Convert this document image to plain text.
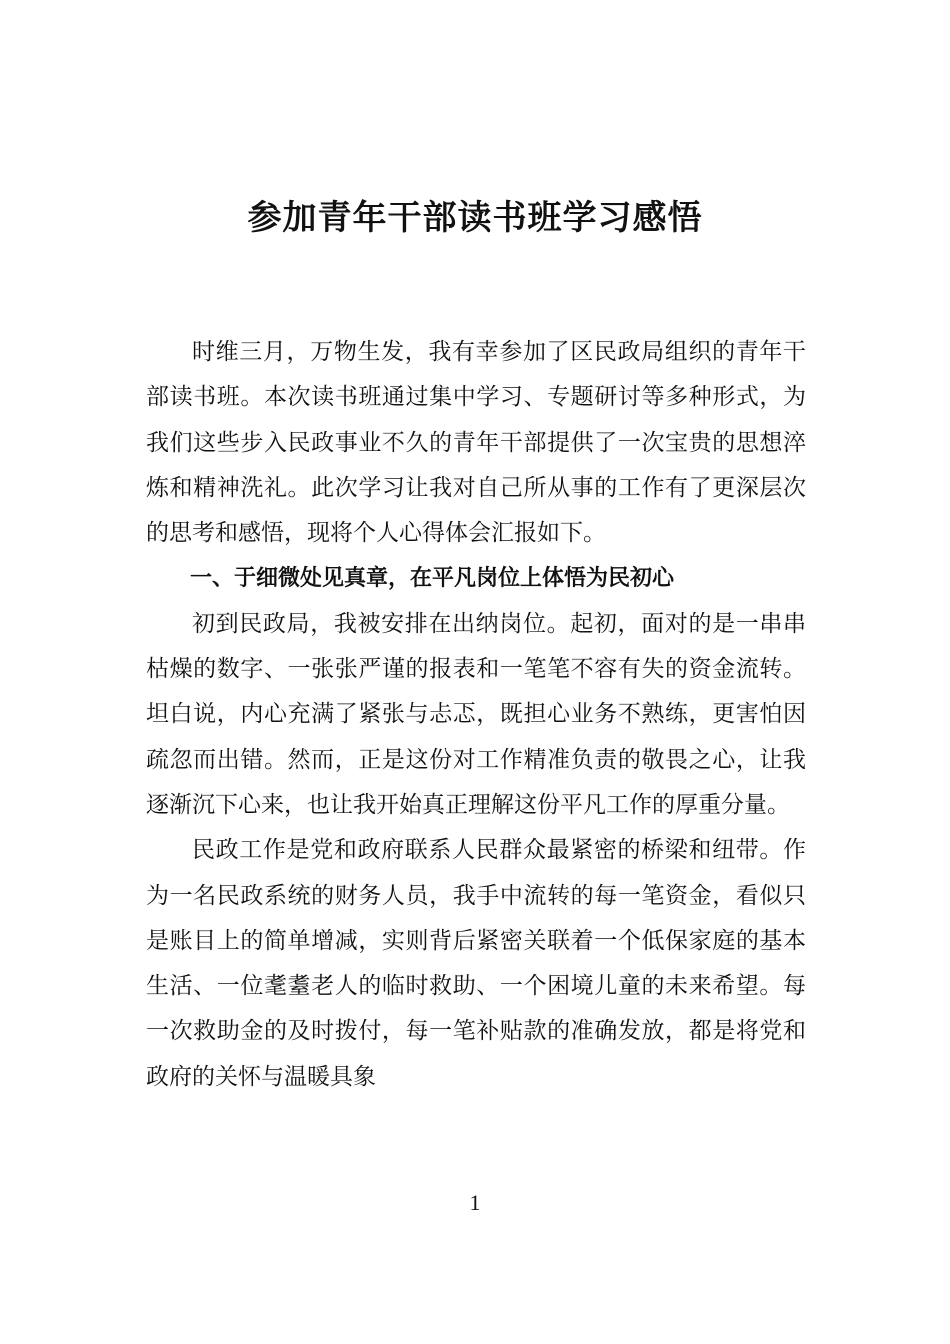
参加青年干部读书班学习感悟

时维三月，万物生发，我有幸参加了区民政局组织的青年干部读书班。本次读书班通过集中学习、专题研讨等多种形式，为我们这些步入民政事业不久的青年干部提供了一次宝贵的思想淬炼和精神洗礼。此次学习让我对自己所从事的工作有了更深层次的思考和感悟，现将个人心得体会汇报如下。

一、于细微处见真章，在平凡岗位上体悟为民初心

初到民政局，我被安排在出纳岗位。起初，面对的是一串串枯燥的数字、一张张严谨的报表和一笔笔不容有失的资金流转。坦白说，内心充满了紧张与忐忑，既担心业务不熟练，更害怕因疏忽而出错。然而，正是这份对工作精准负责的敬畏之心，让我逐渐沉下心来，也让我开始真正理解这份平凡工作的厚重分量。

民政工作是党和政府联系人民群众最紧密的桥梁和纽带。作为一名民政系统的财务人员，我手中流转的每一笔资金，看似只是账目上的简单增减，实则背后紧密关联着一个低保家庭的基本生活、一位耄耋老人的临时救助、一个困境儿童的未来希望。每一次救助金的及时拨付，每一笔补贴款的准确发放，都是将党和政府的关怀与温暖具象

1
